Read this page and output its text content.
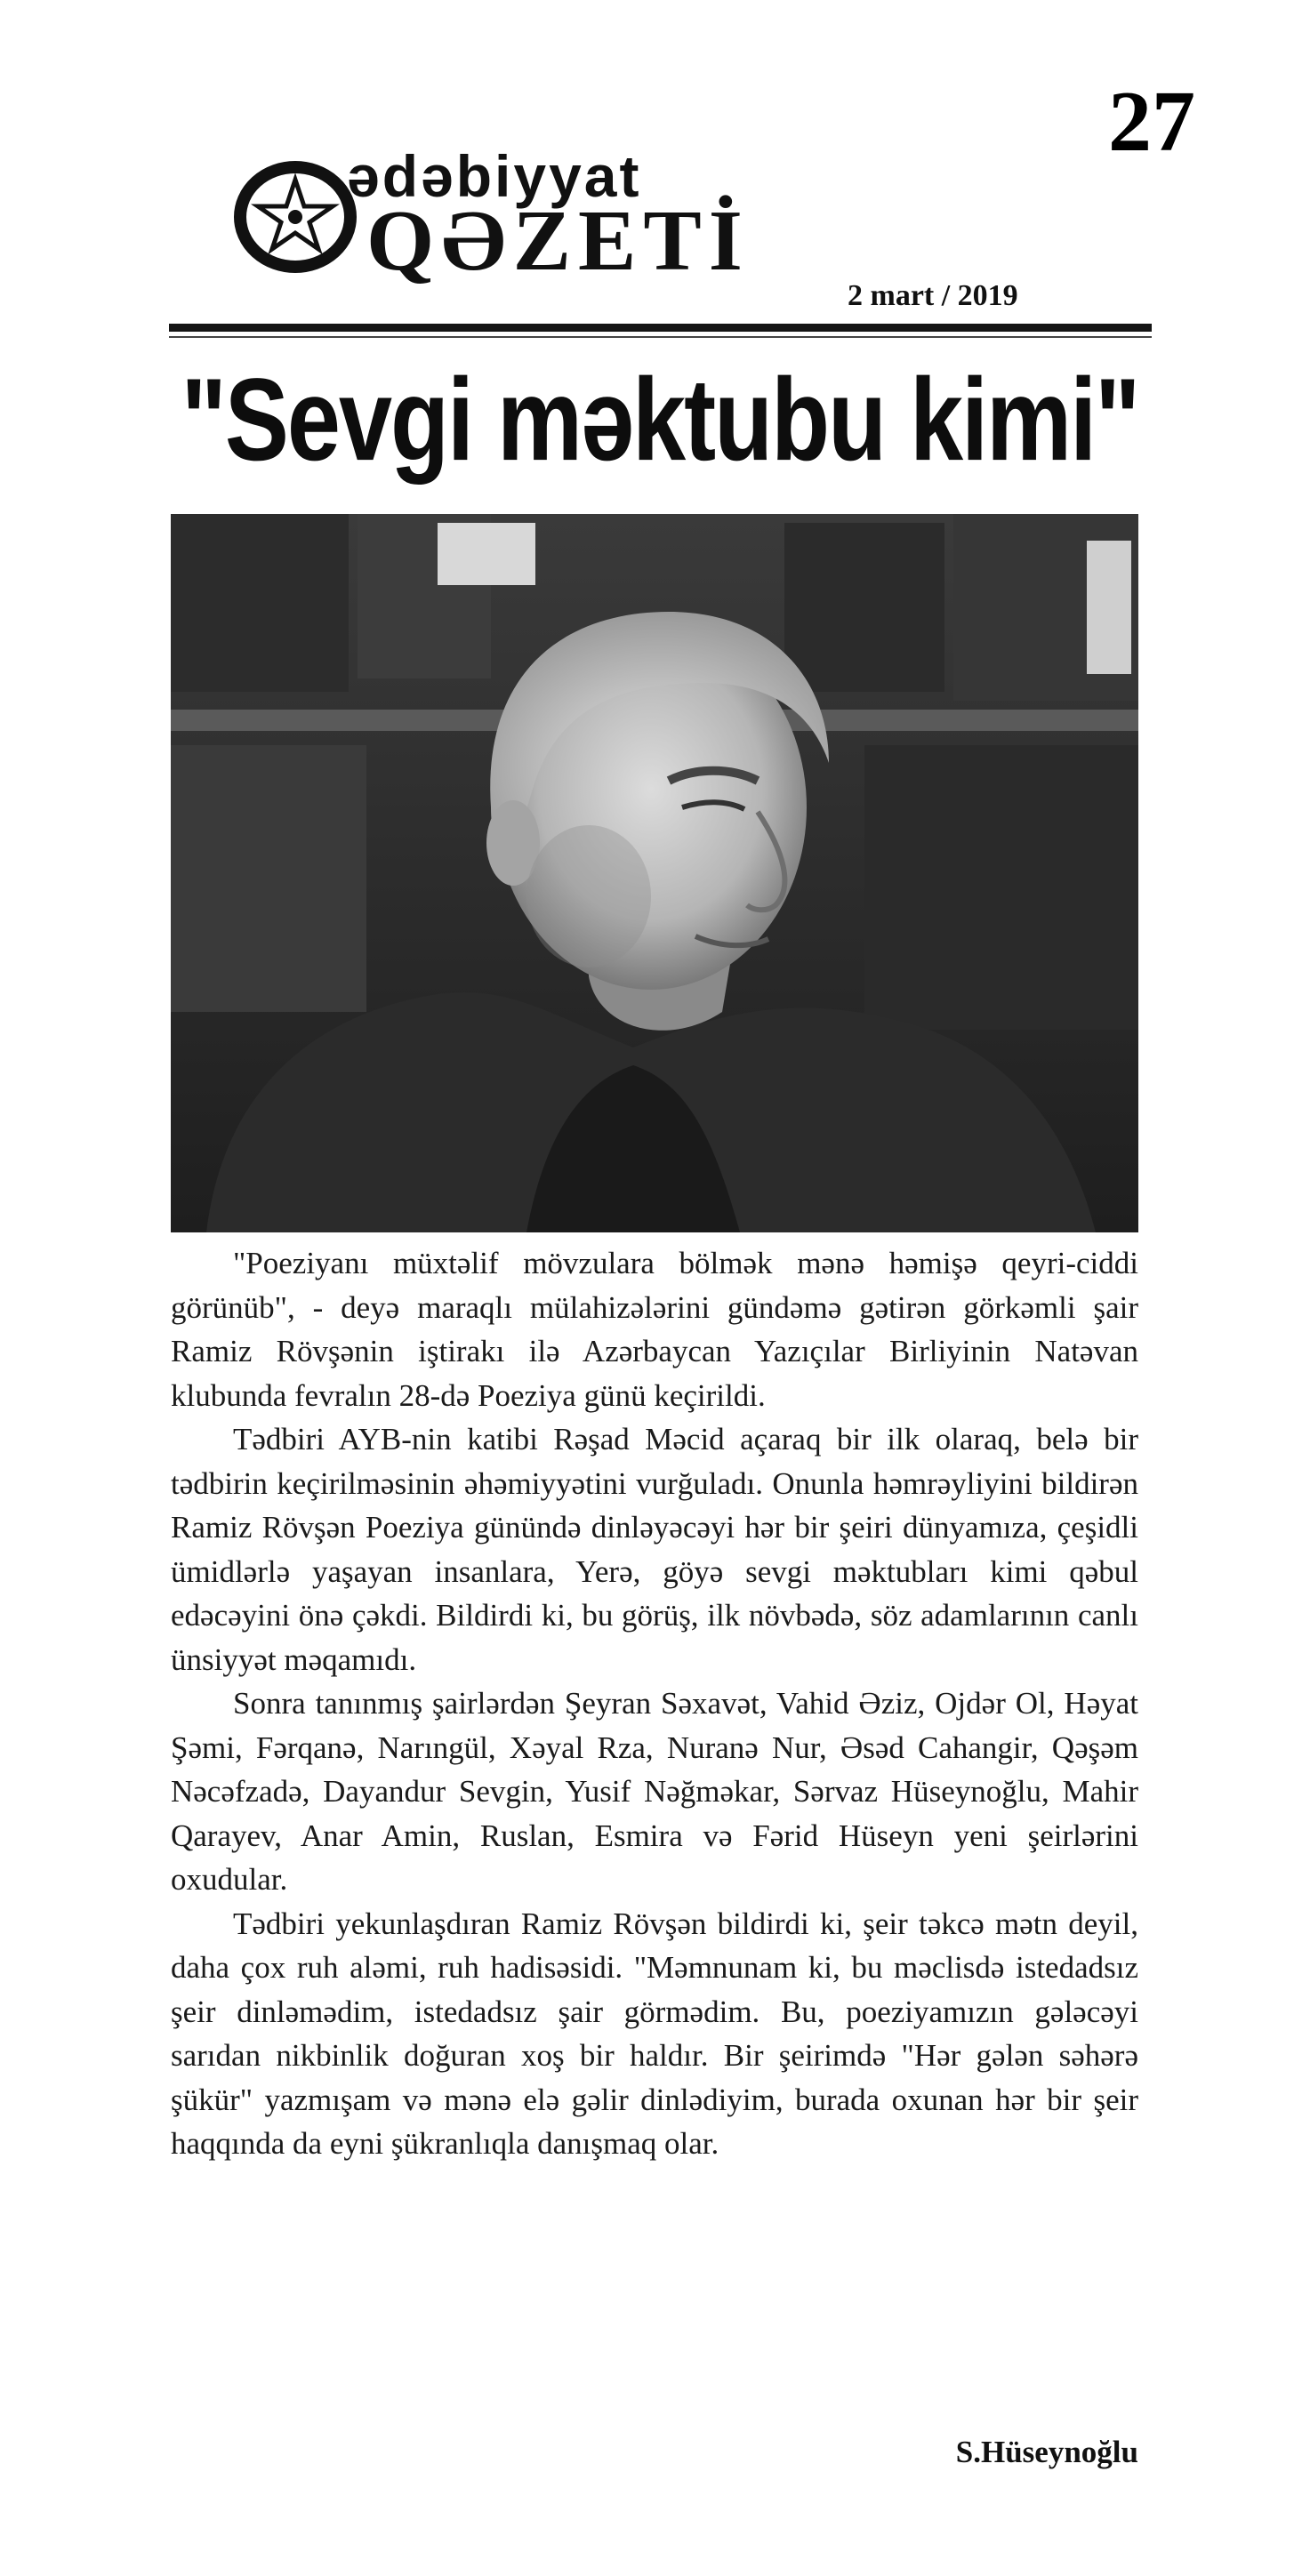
27
ədəbiyyat
QƏZETİ
2 mart / 2019
"Sevgi məktubu kimi"

"Poeziyanı müxtəlif mövzulara bölmək mənə həmişə qeyri-ciddi görünüb", - deyə maraqlı mülahizələrini gündəmə gətirən görkəmli şair Ramiz Rövşənin iştirakı ilə Azərbaycan Yazıçılar Birliyinin Natəvan klubunda fevralın 28-də Poeziya günü keçirildi.

Tədbiri AYB-nin katibi Rəşad Məcid açaraq bir ilk olaraq, belə bir tədbirin keçirilməsinin əhəmiyyətini vurğuladı. Onunla həmrəyliyini bildirən Ramiz Rövşən Poeziya günündə dinləyəcəyi hər bir şeiri dünyamıza, çeşidli ümidlərlə yaşayan insanlara, Yerə, göyə sevgi məktubları kimi qəbul edəcəyini önə çəkdi. Bildirdi ki, bu görüş, ilk növbədə, söz adamlarının canlı ünsiyyət məqamıdı.

Sonra tanınmış şairlərdən Şeyran Səxavət, Vahid Əziz, Ojdər Ol, Həyat Şəmi, Fərqanə, Narıngül, Xəyal Rza, Nuranə Nur, Əsəd Cahangir, Qəşəm Nəcəfzadə, Dayandur Sevgin, Yusif Nəğməkar, Sərvaz Hüseynoğlu, Mahir Qarayev, Anar Amin, Ruslan, Esmira və Fərid Hüseyn yeni şeirlərini oxudular.

Tədbiri yekunlaşdıran Ramiz Rövşən bildirdi ki, şeir təkcə mətn deyil, daha çox ruh aləmi, ruh hadisəsidi. "Məmnunam ki, bu məclisdə istedadsız şeir dinləmədim, istedadsız şair görmədim. Bu, poeziyamızın gələcəyi sarıdan nikbinlik doğuran xoş bir haldır. Bir şeirimdə "Hər gələn səhərə şükür" yazmışam və mənə elə gəlir dinlədiyim, burada oxunan hər bir şeir haqqında da eyni şükranlıqla danışmaq olar.

S.Hüseynoğlu
